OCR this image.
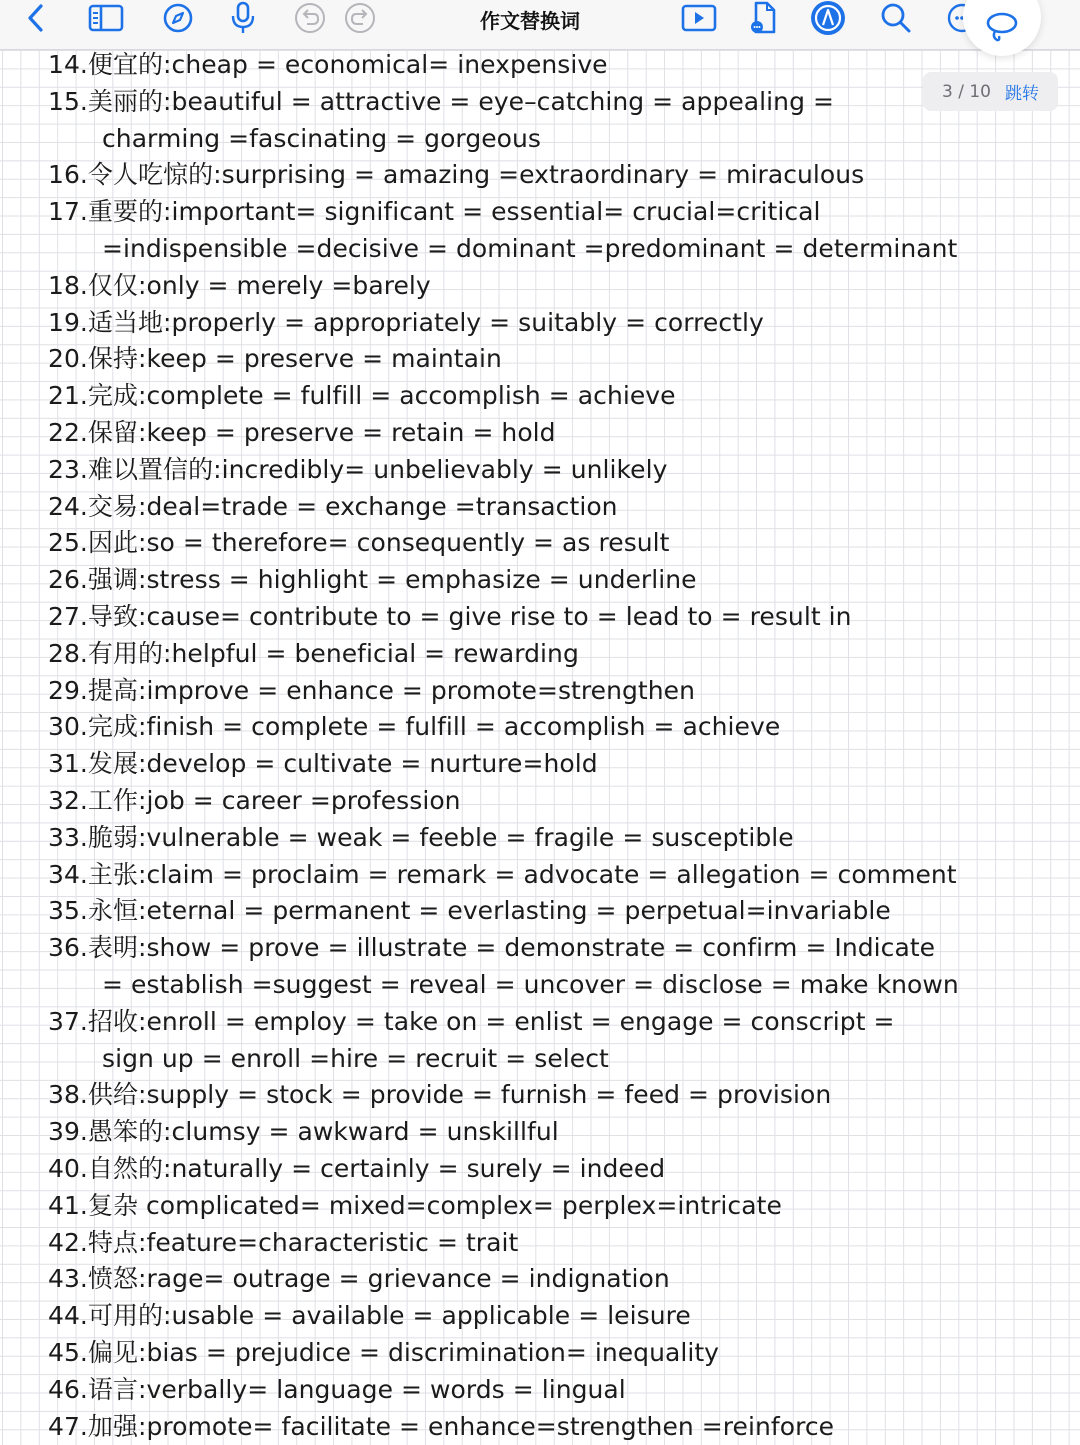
作文替换词
3 / 10 跳转
14.便宜的:cheap = economical= inexpensive
15.美丽的:beautiful = attractive = eye–catching = appealing =
charming =fascinating = gorgeous
16.令人吃惊的:surprising = amazing =extraordinary = miraculous
17.重要的:important= significant = essential= crucial=critical
=indispensible =decisive = dominant =predominant = determinant
18.仅仅:only = merely =barely
19.适当地:properly = appropriately = suitably = correctly
20.保持:keep = preserve = maintain
21.完成:complete = fulfill = accomplish = achieve
22.保留:keep = preserve = retain = hold
23.难以置信的:incredibly= unbelievably = unlikely
24.交易:deal=trade = exchange =transaction
25.因此:so = therefore= consequently = as result
26.强调:stress = highlight = emphasize = underline
27.导致:cause= contribute to = give rise to = lead to = result in
28.有用的:helpful = beneficial = rewarding
29.提高:improve = enhance = promote=strengthen
30.完成:finish = complete = fulfill = accomplish = achieve
31.发展:develop = cultivate = nurture=hold
32.工作:job = career =profession
33.脆弱:vulnerable = weak = feeble = fragile = susceptible
34.主张:claim = proclaim = remark = advocate = allegation = comment
35.永恒:eternal = permanent = everlasting = perpetual=invariable
36.表明:show = prove = illustrate = demonstrate = confirm = Indicate
= establish =suggest = reveal = uncover = disclose = make known
37.招收:enroll = employ = take on = enlist = engage = conscript =
sign up = enroll =hire = recruit = select
38.供给:supply = stock = provide = furnish = feed = provision
39.愚笨的:clumsy = awkward = unskillful
40.自然的:naturally = certainly = surely = indeed
41.复杂 complicated= mixed=complex= perplex=intricate
42.特点:feature=characteristic = trait
43.愤怒:rage= outrage = grievance = indignation
44.可用的:usable = available = applicable = leisure
45.偏见:bias = prejudice = discrimination= inequality
46.语言:verbally= language = words = lingual
47.加强:promote= facilitate = enhance=strengthen =reinforce
